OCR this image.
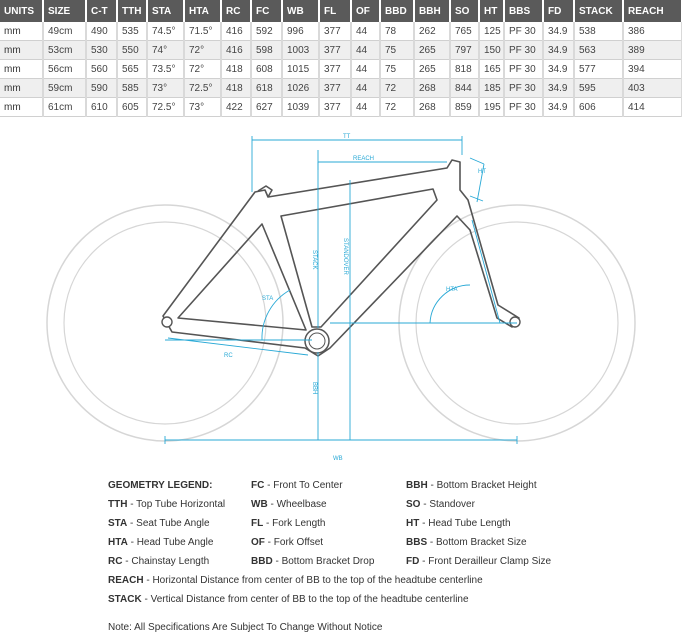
UNITS	SIZE	C-T	TTH	STA	HTA	RC	FC	WB	FL	OF	BBD	BBH	SO	HT	BBS	FD	STACK	REACH
mm	49cm	490	535	74.5°	71.5°	416	592	996	377	44	78	262	765	125	PF 30	34.9	538	386
mm	53cm	530	550	74°	72°	416	598	1003	377	44	75	265	797	150	PF 30	34.9	563	389
mm	56cm	560	565	73.5°	72°	418	608	1015	377	44	75	265	818	165	PF 30	34.9	577	394
mm	59cm	590	585	73°	72.5°	418	618	1026	377	44	72	268	844	185	PF 30	34.9	595	403
mm	61cm	610	605	72.5°	73°	422	627	1039	377	44	72	268	859	195	PF 30	34.9	606	414
TT
REACH
HT
STACK	STANDOVER
STA
HTA
RC
BBH
WB
GEOMETRY LEGEND:
TTH - Top Tube Horizontal
STA - Seat Tube Angle
HTA - Head Tube Angle
RC - Chainstay Length
FC - Front To Center
WB - Wheelbase
FL - Fork Length
OF - Fork Offset
BBD - Bottom Bracket Drop
BBH - Bottom Bracket Height
SO - Standover
HT - Head Tube Length
BBS - Bottom Bracket Size
FD - Front Derailleur Clamp Size
REACH - Horizontal Distance from center of BB to the top of the headtube centerline
STACK - Vertical Distance from center of BB to the top of the headtube centerline
Note: All Specifications Are Subject To Change Without Notice
